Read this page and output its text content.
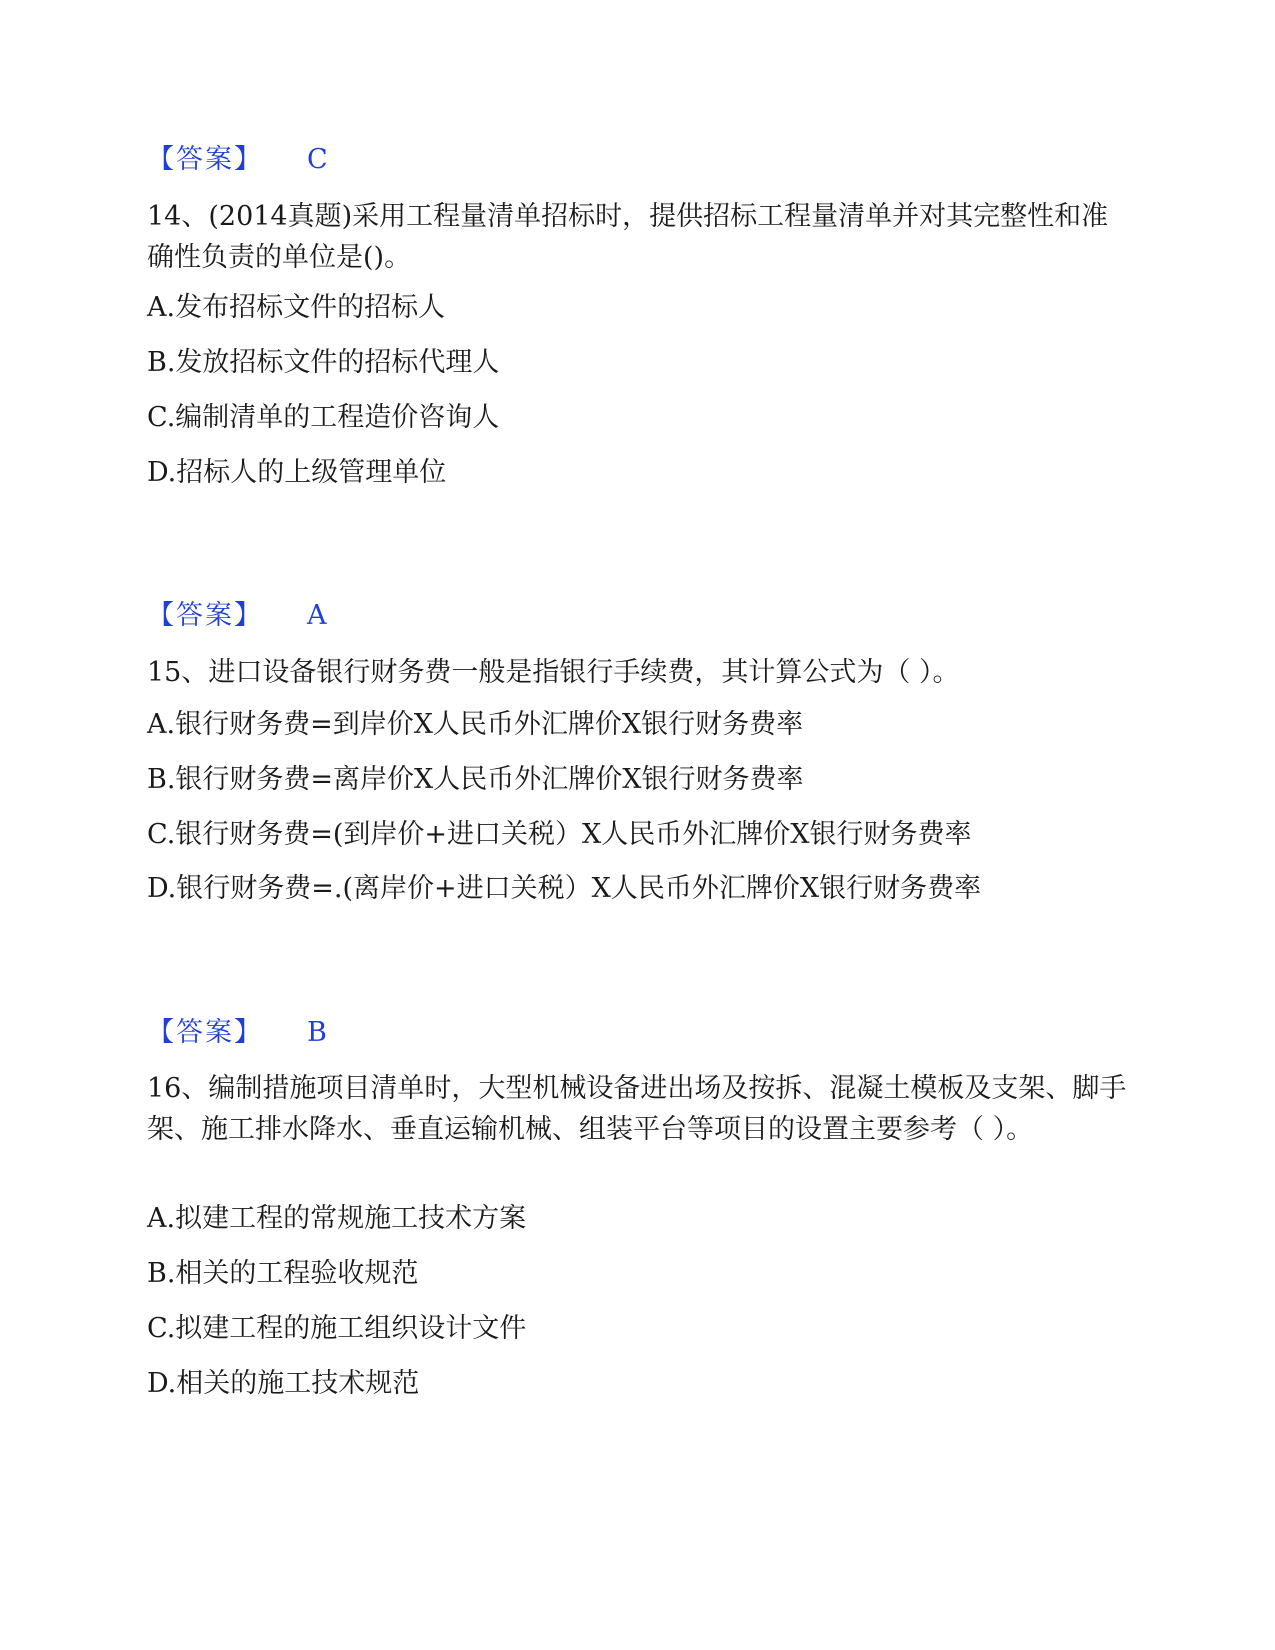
【答案】 C
14、(2014真题)采用工程量清单招标时，提供招标工程量清单并对其完整性和准确性负责的单位是()。
A.发布招标文件的招标人
B.发放招标文件的招标代理人
C.编制清单的工程造价咨询人
D.招标人的上级管理单位
【答案】 A
15、进口设备银行财务费一般是指银行手续费，其计算公式为（ ）。
A.银行财务费=到岸价X人民币外汇牌价X银行财务费率
B.银行财务费=离岸价X人民币外汇牌价X银行财务费率
C.银行财务费=(到岸价+进口关税）X人民币外汇牌价X银行财务费率
D.银行财务费=.(离岸价+进口关税）X人民币外汇牌价X银行财务费率
【答案】 B
16、编制措施项目清单时，大型机械设备进出场及按拆、混凝土模板及支架、脚手架、施工排水降水、垂直运输机械、组装平台等项目的设置主要参考（ ）。
A.拟建工程的常规施工技术方案
B.相关的工程验收规范
C.拟建工程的施工组织设计文件
D.相关的施工技术规范
